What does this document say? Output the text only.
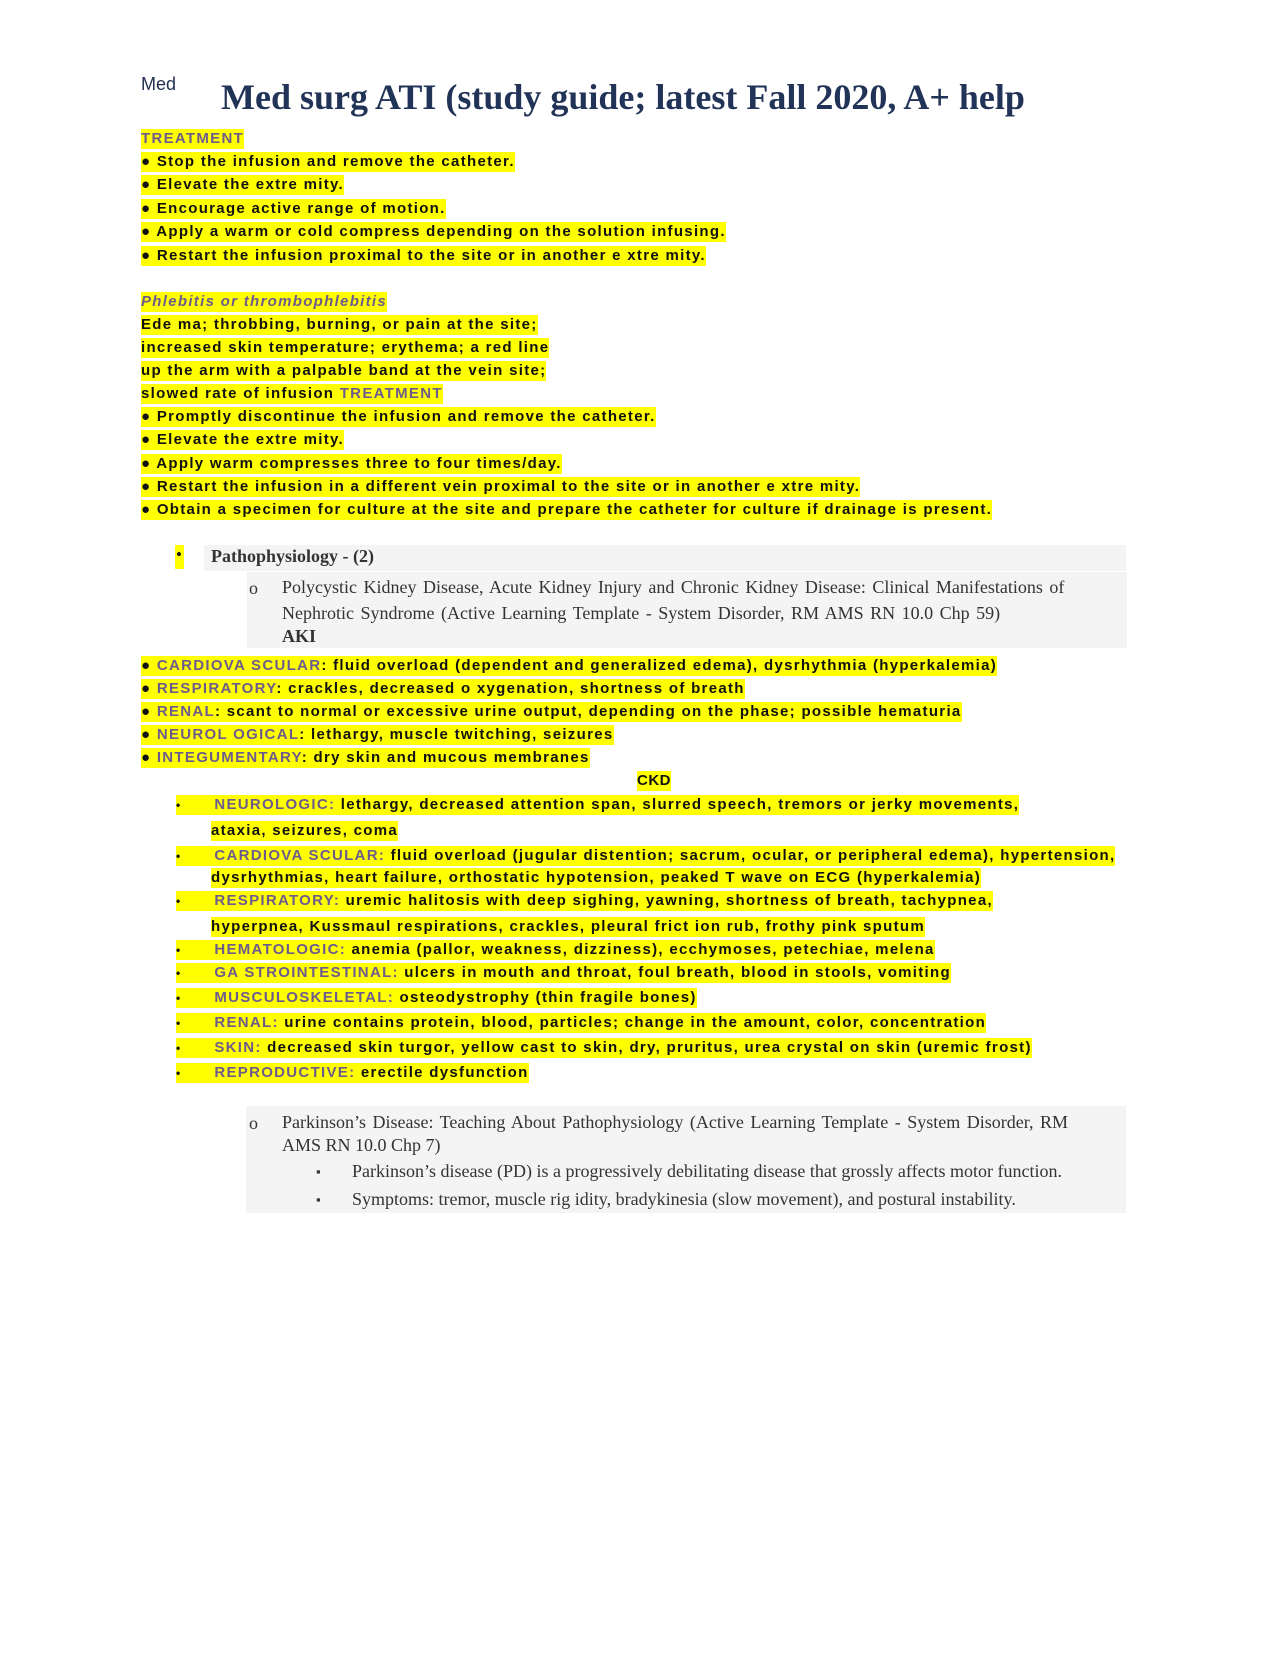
Med Med surg ATI (study guide; latest Fall 2020, A+ help
TREATMENT
● Stop the infusion and remove the catheter.
● Elevate the extre mity.
● Encourage active range of motion.
● Apply a warm or cold compress depending on the solution infusing.
● Restart the infusion proximal to the site or in another e xtre mity.
Phlebitis or thrombophlebitis
Ede ma; throbbing, burning, or pain at the site;
increased skin temperature; erythema; a red line
up the arm with a palpable band at the vein site;
slowed rate of infusion TREATMENT
● Promptly discontinue the infusion and remove the catheter.
● Elevate the extre mity.
● Apply warm compresses three to four times/day.
● Restart the infusion in a different vein proximal to the site or in another e xtre mity.
● Obtain a specimen for culture at the site and prepare the catheter for culture if drainage is present.
• Pathophysiology - (2)
o Polycystic Kidney Disease, Acute Kidney Injury and Chronic Kidney Disease: Clinical Manifestations of
Nephrotic Syndrome (Active Learning Template - System Disorder, RM AMS RN 10.0 Chp 59)
AKI
● CARDIOVA SCULAR: fluid overload (dependent and generalized edema), dysrhythmia (hyperkalemia)
● RESPIRATORY: crackles, decreased o xygenation, shortness of breath
● RENAL: scant to normal or excessive urine output, depending on the phase; possible hematuria
● NEUROL OGICAL: lethargy, muscle twitching, seizures
● INTEGUMENTARY: dry skin and mucous membranes
CKD
• NEUROLOGIC: lethargy, decreased attention span, slurred speech, tremors or jerky movements,
ataxia, seizures, coma
• CARDIOVA SCULAR: fluid overload (jugular distention; sacrum, ocular, or peripheral edema), hypertension,
dysrhythmias, heart failure, orthostatic hypotension, peaked T wave on ECG (hyperkalemia)
• RESPIRATORY: uremic halitosis with deep sighing, yawning, shortness of breath, tachypnea,
hyperpnea, Kussmaul respirations, crackles, pleural frict ion rub, frothy pink sputum
• HEMATOLOGIC: anemia (pallor, weakness, dizziness), ecchymoses, petechiae, melena
• GA STROINTESTINAL: ulcers in mouth and throat, foul breath, blood in stools, vomiting
• MUSCULOSKELETAL: osteodystrophy (thin fragile bones)
• RENAL: urine contains protein, blood, particles; change in the amount, color, concentration
• SKIN: decreased skin turgor, yellow cast to skin, dry, pruritus, urea crystal on skin (uremic frost)
• REPRODUCTIVE: erectile dysfunction
o Parkinson’s Disease: Teaching About Pathophysiology (Active Learning Template - System Disorder, RM
AMS RN 10.0 Chp 7)
▪ Parkinson’s disease (PD) is a progressively debilitating disease that grossly affects motor function.
▪ Symptoms: tremor, muscle rig idity, bradykinesia (slow movement), and postural instability.
